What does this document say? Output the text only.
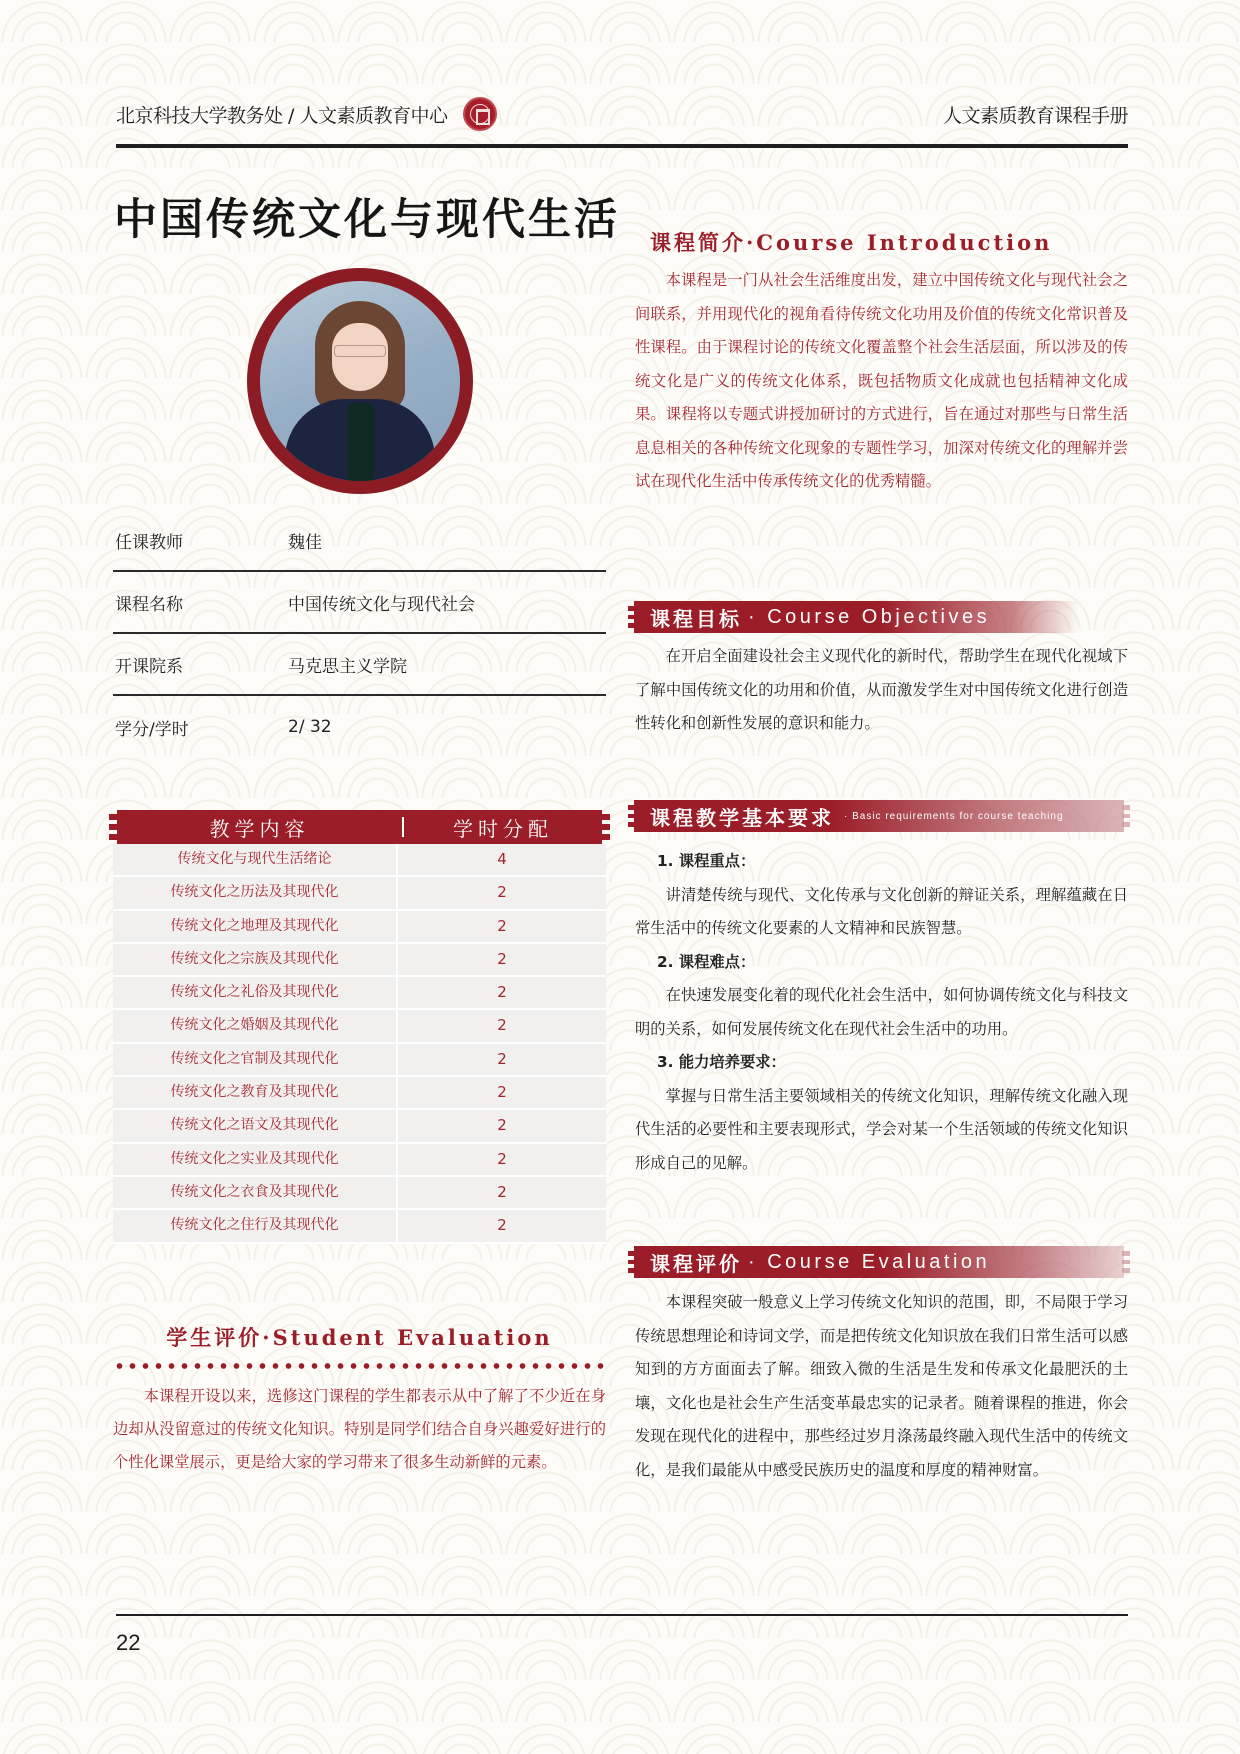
北京科技大学教务处 / 人文素质教育中心	人文素质教育课程手册
中国传统文化与现代生活
任课教师	魏佳
课程名称	中国传统文化与现代社会
开课院系	马克思主义学院
学分/学时	2/ 32
教学内容	学时分配
传统文化与现代生活绪论	4
传统文化之历法及其现代化	2
传统文化之地理及其现代化	2
传统文化之宗族及其现代化	2
传统文化之礼俗及其现代化	2
传统文化之婚姻及其现代化	2
传统文化之官制及其现代化	2
传统文化之教育及其现代化	2
传统文化之语文及其现代化	2
传统文化之实业及其现代化	2
传统文化之衣食及其现代化	2
传统文化之住行及其现代化	2
学生评价·Student Evaluation

本课程开设以来，选修这门课程的学生都表示从中了解了不少近在身边却从没留意过的传统文化知识。特别是同学们结合自身兴趣爱好进行的个性化课堂展示，更是给大家的学习带来了很多生动新鲜的元素。

课程简介·Course Introduction

本课程是一门从社会生活维度出发，建立中国传统文化与现代社会之间联系，并用现代化的视角看待传统文化功用及价值的传统文化常识普及性课程。由于课程讨论的传统文化覆盖整个社会生活层面，所以涉及的传统文化是广义的传统文化体系，既包括物质文化成就也包括精神文化成果。课程将以专题式讲授加研讨的方式进行，旨在通过对那些与日常生活息息相关的各种传统文化现象的专题性学习，加深对传统文化的理解并尝试在现代化生活中传承传统文化的优秀精髓。

课程目标 · Course Objectives

在开启全面建设社会主义现代化的新时代，帮助学生在现代化视域下了解中国传统文化的功用和价值，从而激发学生对中国传统文化进行创造性转化和创新性发展的意识和能力。

课程教学基本要求 · Basic requirements for course teaching
1. 课程重点：
讲清楚传统与现代、文化传承与文化创新的辩证关系，理解蕴藏在日常生活中的传统文化要素的人文精神和民族智慧。
2. 课程难点：
在快速发展变化着的现代化社会生活中，如何协调传统文化与科技文明的关系，如何发展传统文化在现代社会生活中的功用。
3. 能力培养要求：
掌握与日常生活主要领域相关的传统文化知识，理解传统文化融入现代生活的必要性和主要表现形式，学会对某一个生活领域的传统文化知识形成自己的见解。
课程评价 · Course Evaluation

本课程突破一般意义上学习传统文化知识的范围，即，不局限于学习传统思想理论和诗词文学，而是把传统文化知识放在我们日常生活可以感知到的方方面面去了解。细致入微的生活是生发和传承文化最肥沃的土壤，文化也是社会生产生活变革最忠实的记录者。随着课程的推进，你会发现在现代化的进程中，那些经过岁月涤荡最终融入现代生活中的传统文化，是我们最能从中感受民族历史的温度和厚度的精神财富。

22
